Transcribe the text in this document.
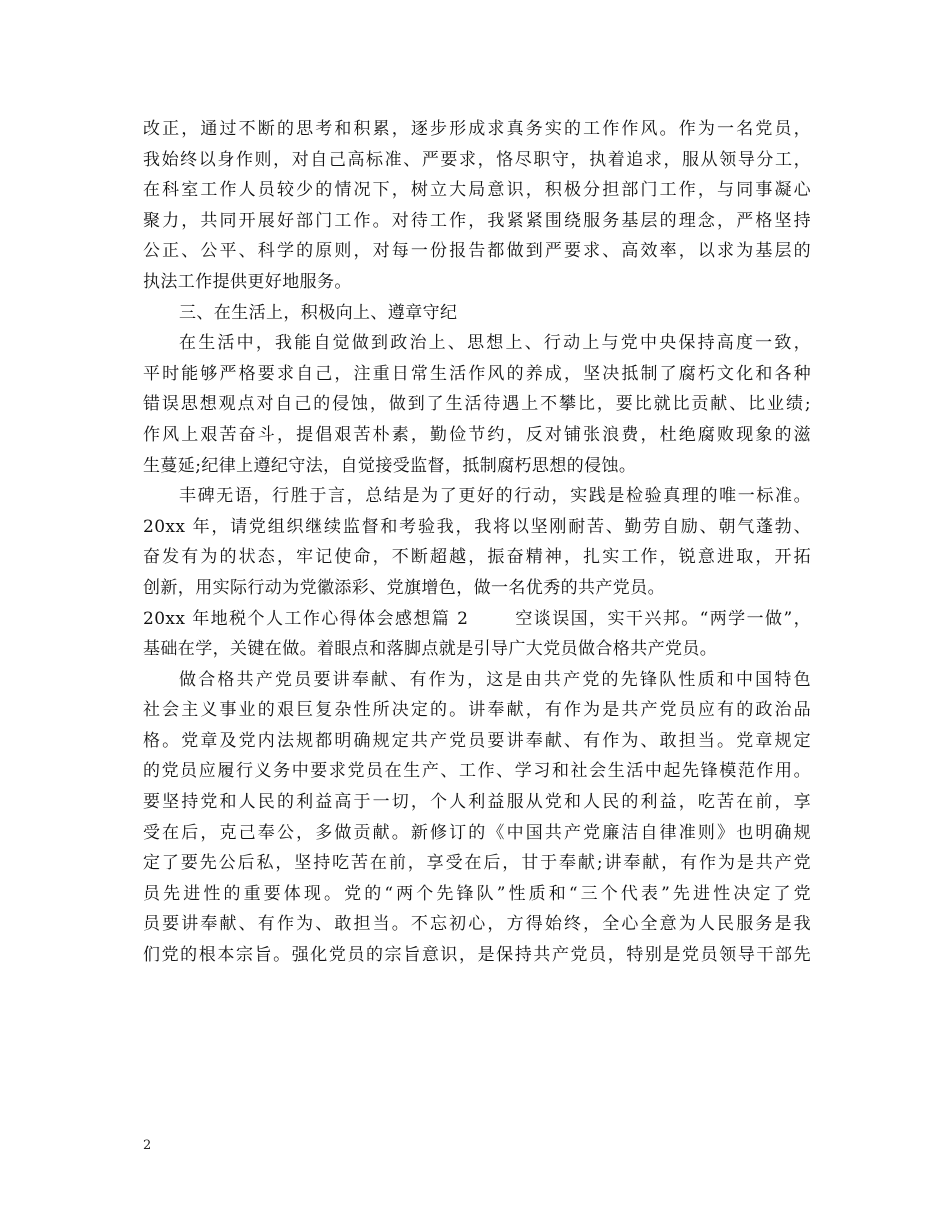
改正，通过不断的思考和积累，逐步形成求真务实的工作作风。作为一名党员，
我始终以身作则，对自己高标准、严要求，恪尽职守，执着追求，服从领导分工，
在科室工作人员较少的情况下，树立大局意识，积极分担部门工作，与同事凝心
聚力，共同开展好部门工作。对待工作，我紧紧围绕服务基层的理念，严格坚持
公正、公平、科学的原则，对每一份报告都做到严要求、高效率，以求为基层的
执法工作提供更好地服务。
三、在生活上，积极向上、遵章守纪
在生活中，我能自觉做到政治上、思想上、行动上与党中央保持高度一致，
平时能够严格要求自己，注重日常生活作风的养成，坚决抵制了腐朽文化和各种
错误思想观点对自己的侵蚀，做到了生活待遇上不攀比，要比就比贡献、比业绩;
作风上艰苦奋斗，提倡艰苦朴素，勤俭节约，反对铺张浪费，杜绝腐败现象的滋
生蔓延;纪律上遵纪守法，自觉接受监督，抵制腐朽思想的侵蚀。
丰碑无语，行胜于言，总结是为了更好的行动，实践是检验真理的唯一标准。
20xx 年，请党组织继续监督和考验我，我将以坚刚耐苦、勤劳自励、朝气蓬勃、
奋发有为的状态，牢记使命，不断超越，振奋精神，扎实工作，锐意进取，开拓
创新，用实际行动为党徽添彩、党旗增色，做一名优秀的共产党员。
20xx 年地税个人工作心得体会感想篇 2	空谈误国，实干兴邦。“两学一做”，
基础在学，关键在做。着眼点和落脚点就是引导广大党员做合格共产党员。
做合格共产党员要讲奉献、有作为，这是由共产党的先锋队性质和中国特色
社会主义事业的艰巨复杂性所决定的。讲奉献，有作为是共产党员应有的政治品
格。党章及党内法规都明确规定共产党员要讲奉献、有作为、敢担当。党章规定
的党员应履行义务中要求党员在生产、工作、学习和社会生活中起先锋模范作用。
要坚持党和人民的利益高于一切，个人利益服从党和人民的利益，吃苦在前，享
受在后，克己奉公，多做贡献。新修订的《中国共产党廉洁自律准则》也明确规
定了要先公后私，坚持吃苦在前，享受在后，甘于奉献;讲奉献，有作为是共产党
员先进性的重要体现。党的“两个先锋队”性质和“三个代表”先进性决定了党
员要讲奉献、有作为、敢担当。不忘初心，方得始终，全心全意为人民服务是我
们党的根本宗旨。强化党员的宗旨意识，是保持共产党员，特别是党员领导干部先
2
